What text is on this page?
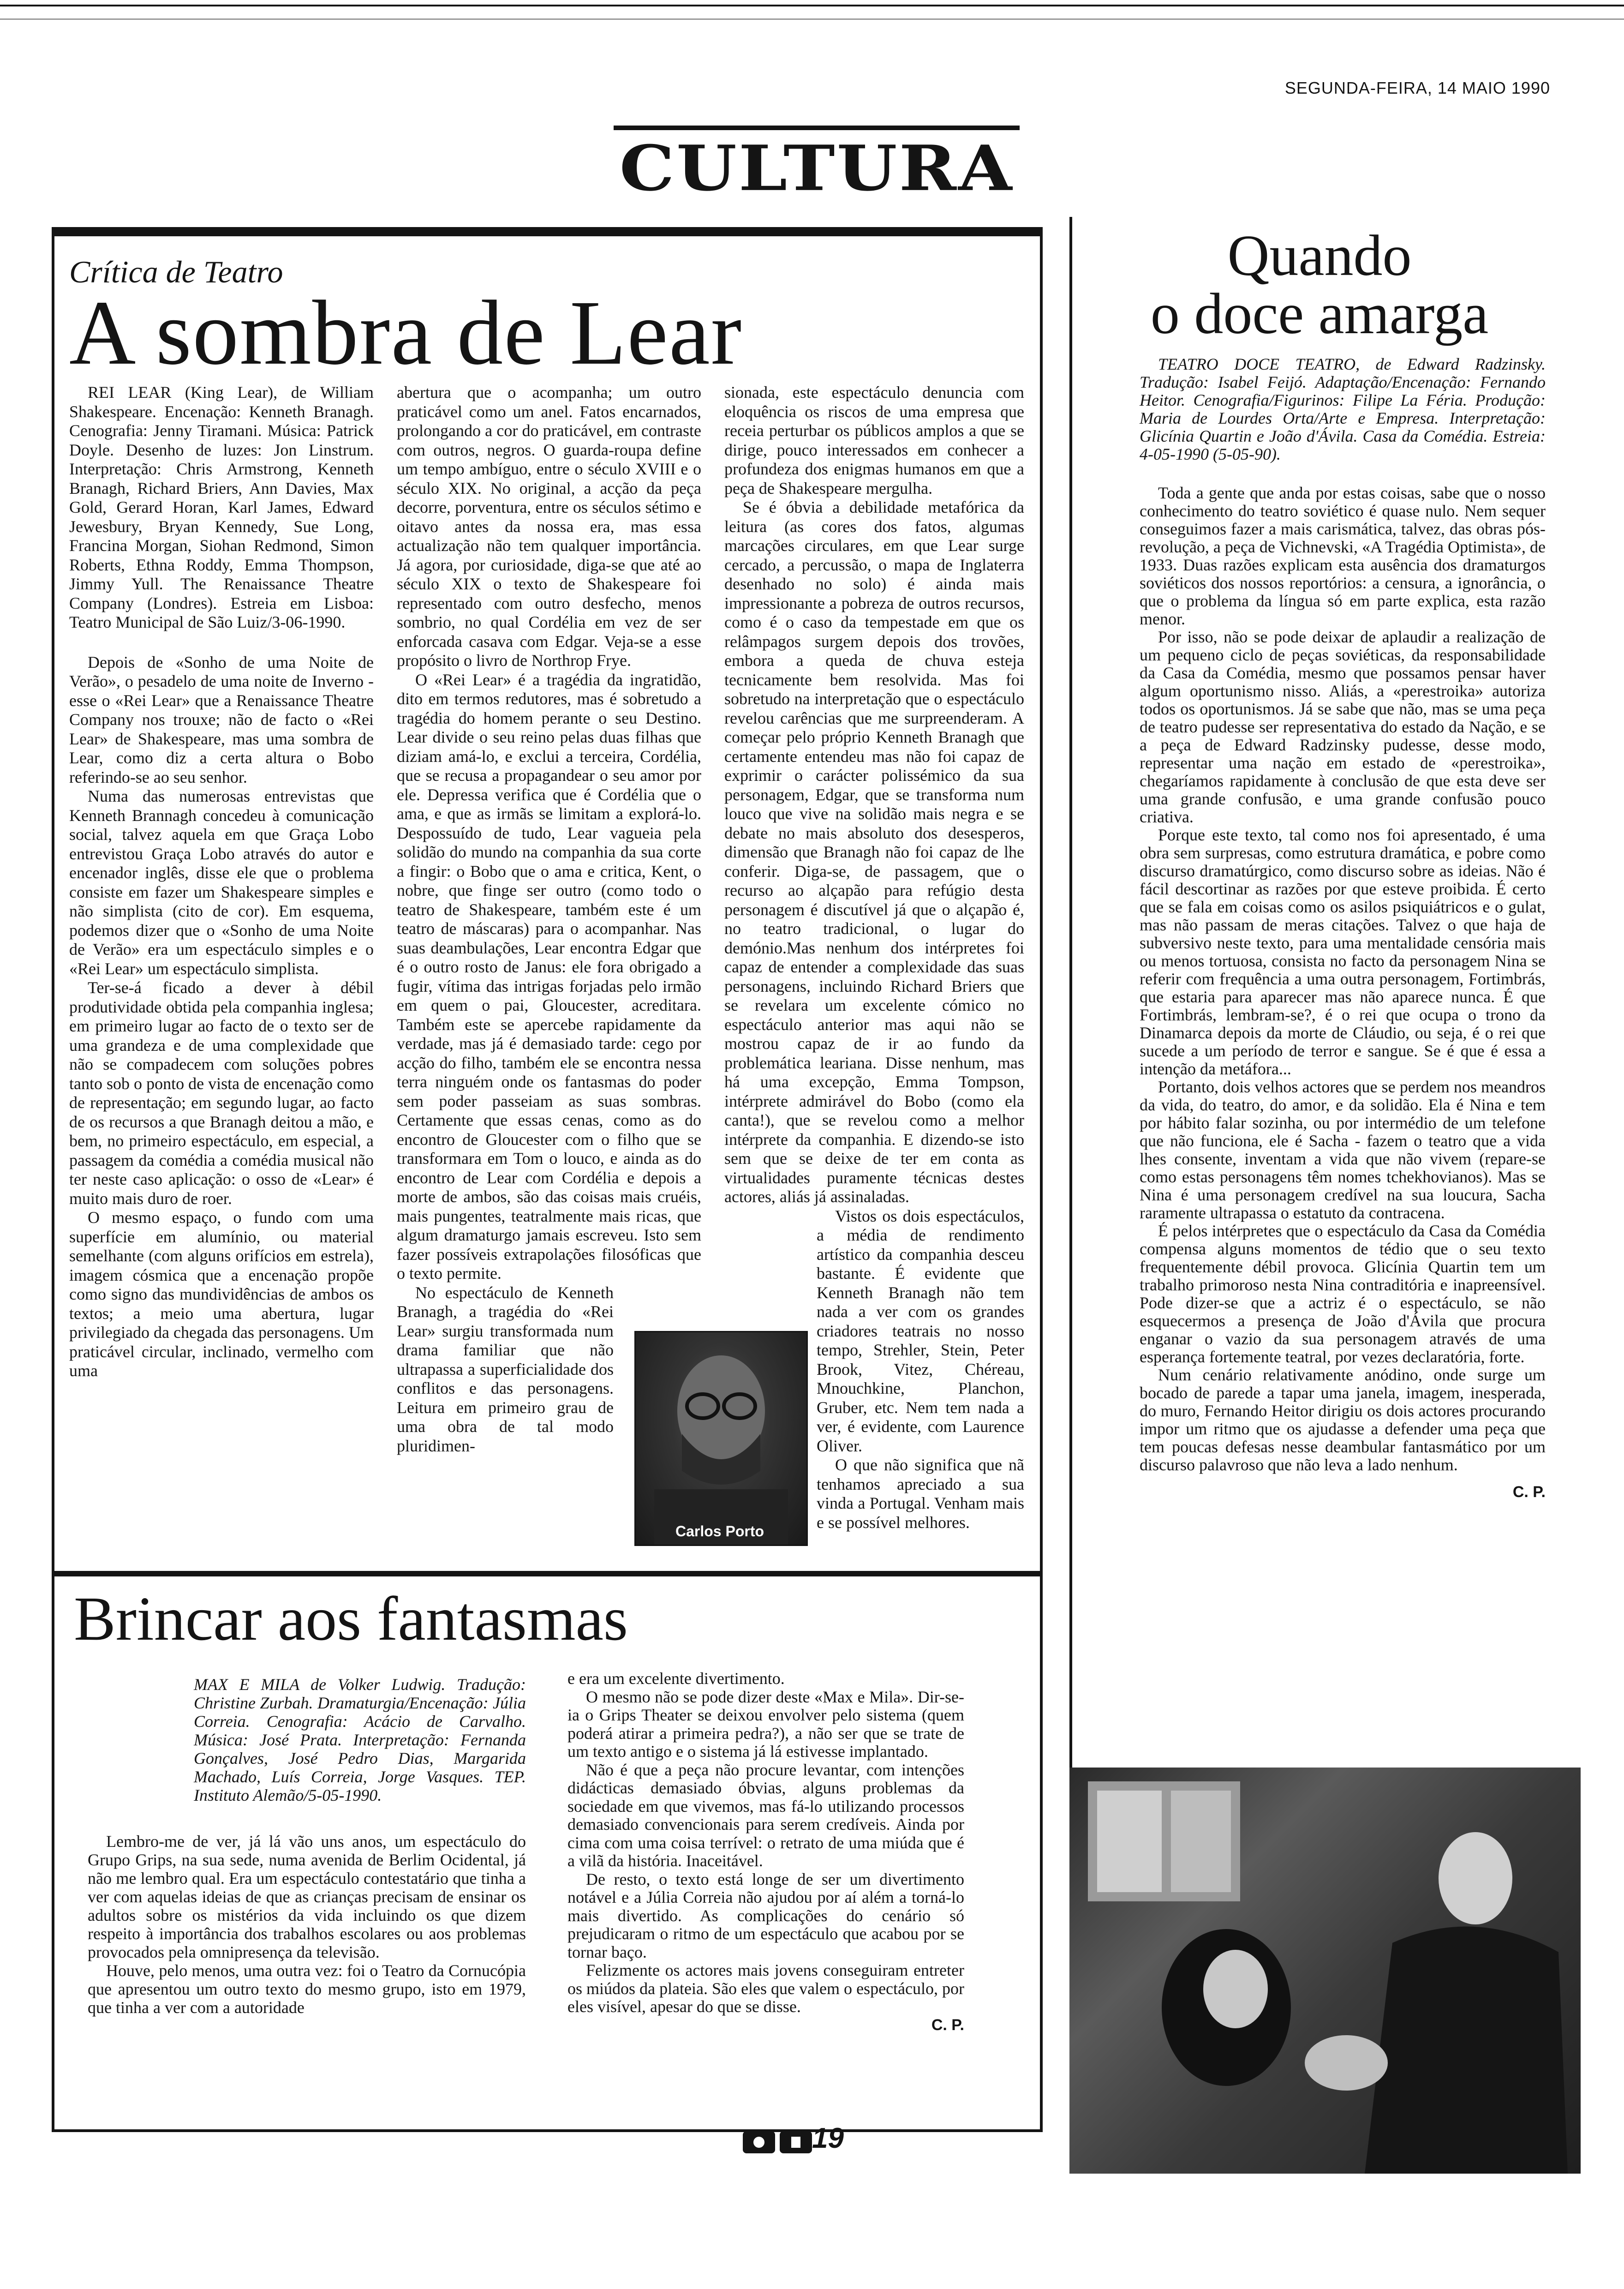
SEGUNDA-FEIRA, 14 MAIO 1990
CULTURA
Crítica de Teatro
A sombra de Lear

REI LEAR (King Lear), de William Shakespeare. Encenação: Kenneth Branagh. Cenografia: Jenny Tiramani. Música: Patrick Doyle. Desenho de luzes: Jon Linstrum. Interpretação: Chris Armstrong, Kenneth Branagh, Richard Briers, Ann Davies, Max Gold, Gerard Horan, Karl James, Edward Jewesbury, Bryan Kennedy, Sue Long, Francina Morgan, Siohan Redmond, Simon Roberts, Ethna Roddy, Emma Thompson, Jimmy Yull. The Renaissance Theatre Company (Londres). Estreia em Lisboa: Teatro Municipal de São Luiz/3-06-1990.

Depois de «Sonho de uma Noite de Verão», o pesadelo de uma noite de Inverno - esse o «Rei Lear» que a Renaissance Theatre Company nos trouxe; não de facto o «Rei Lear» de Shakespeare, mas uma sombra de Lear, como diz a certa altura o Bobo referindo-se ao seu senhor.

Numa das numerosas entrevistas que Kenneth Brannagh concedeu à comunicação social, talvez aquela em que Graça Lobo entrevistou Graça Lobo através do autor e encenador inglês, disse ele que o problema consiste em fazer um Shakespeare simples e não simplista (cito de cor). Em esquema, podemos dizer que o «Sonho de uma Noite de Verão» era um espectáculo simples e o «Rei Lear» um espectáculo simplista.

Ter-se-á ficado a dever à débil produtividade obtida pela companhia inglesa; em primeiro lugar ao facto de o texto ser de uma grandeza e de uma complexidade que não se compadecem com soluções pobres tanto sob o ponto de vista de encenação como de representação; em segundo lugar, ao facto de os recursos a que Branagh deitou a mão, e bem, no primeiro espectáculo, em especial, a passagem da comédia a comédia musical não ter neste caso aplicação: o osso de «Lear» é muito mais duro de roer.

O mesmo espaço, o fundo com uma superfície em alumínio, ou material semelhante (com alguns orifícios em estrela), imagem cósmica que a encenação propõe como signo das mundividências de ambos os textos; a meio uma abertura, lugar privilegiado da chegada das personagens. Um praticável circular, inclinado, vermelho com uma

abertura que o acompanha; um outro praticável como um anel. Fatos encarnados, prolongando a cor do praticável, em contraste com outros, negros. O guarda-roupa define um tempo ambíguo, entre o século XVIII e o século XIX. No original, a acção da peça decorre, porventura, entre os séculos sétimo e oitavo antes da nossa era, mas essa actualização não tem qualquer importância. Já agora, por curiosidade, diga-se que até ao século XIX o texto de Shakespeare foi representado com outro desfecho, menos sombrio, no qual Cordélia em vez de ser enforcada casava com Edgar. Veja-se a esse propósito o livro de Northrop Frye.

O «Rei Lear» é a tragédia da ingratidão, dito em termos redutores, mas é sobretudo a tragédia do homem perante o seu Destino. Lear divide o seu reino pelas duas filhas que diziam amá-lo, e exclui a terceira, Cordélia, que se recusa a propagandear o seu amor por ele. Depressa verifica que é Cordélia que o ama, e que as irmãs se limitam a explorá-lo. Despossuído de tudo, Lear vagueia pela solidão do mundo na companhia da sua corte a fingir: o Bobo que o ama e critica, Kent, o nobre, que finge ser outro (como todo o teatro de Shakespeare, também este é um teatro de máscaras) para o acompanhar. Nas suas deambulações, Lear encontra Edgar que é o outro rosto de Janus: ele fora obrigado a fugir, vítima das intrigas forjadas pelo irmão em quem o pai, Gloucester, acreditara. Também este se apercebe rapidamente da verdade, mas já é demasiado tarde: cego por acção do filho, também ele se encontra nessa terra ninguém onde os fantasmas do poder sem poder passeiam as suas sombras. Certamente que essas cenas, como as do encontro de Gloucester com o filho que se transformara em Tom o louco, e ainda as do encontro de Lear com Cordélia e depois a morte de ambos, são das coisas mais cruéis, mais pungentes, teatralmente mais ricas, que algum dramaturgo jamais escreveu. Isto sem fazer possíveis extrapolações filosóficas que o texto permite.

No espectáculo de Kenneth Branagh, a tragédia do «Rei Lear» surgiu transformada num drama familiar que não ultrapassa a superficialidade dos conflitos e das personagens. Leitura em primeiro grau de uma obra de tal modo pluridimen-

sionada, este espectáculo denuncia com eloquência os riscos de uma empresa que receia perturbar os públicos amplos a que se dirige, pouco interessados em conhecer a profundeza dos enigmas humanos em que a peça de Shakespeare mergulha.

Se é óbvia a debilidade metafórica da leitura (as cores dos fatos, algumas marcações circulares, em que Lear surge cercado, a percussão, o mapa de Inglaterra desenhado no solo) é ainda mais impressionante a pobreza de outros recursos, como é o caso da tempestade em que os relâmpagos surgem depois dos trovões, embora a queda de chuva esteja tecnicamente bem resolvida. Mas foi sobretudo na interpretação que o espectáculo revelou carências que me surpreenderam. A começar pelo próprio Kenneth Branagh que certamente entendeu mas não foi capaz de exprimir o carácter polissémico da sua personagem, Edgar, que se transforma num louco que vive na solidão mais negra e se debate no mais absoluto dos desesperos, dimensão que Branagh não foi capaz de lhe conferir. Diga-se, de passagem, que o recurso ao alçapão para refúgio desta personagem é discutível já que o alçapão é, no teatro tradicional, o lugar do demónio.Mas nenhum dos intérpretes foi capaz de entender a complexidade das suas personagens, incluindo Richard Briers que se revelara um excelente cómico no espectáculo anterior mas aqui não se mostrou capaz de ir ao fundo da problemática leariana. Disse nenhum, mas há uma excepção, Emma Tompson, intérprete admirável do Bobo (como ela canta!), que se revelou como a melhor intérprete da companhia. E dizendo-se isto sem que se deixe de ter em conta as virtualidades puramente técnicas destes actores, aliás já assinaladas.

Vistos os dois espectáculos, a média de rendimento artístico da companhia desceu bastante. É evidente que Kenneth Branagh não tem nada a ver com os grandes criadores teatrais no nosso tempo, Strehler, Stein, Peter Brook, Vitez, Chéreau, Mnouchkine, Planchon, Gruber, etc. Nem tem nada a ver, é evidente, com Laurence Oliver.

O que não significa que nã tenhamos apreciado a sua vinda a Portugal. Venham mais e se possível melhores.

Carlos Porto
Quando
o doce amarga

TEATRO DOCE TEATRO, de Edward Radzinsky. Tradução: Isabel Feijó. Adaptação/Encenação: Fernando Heitor. Cenografia/Figurinos: Filipe La Féria. Produção: Maria de Lourdes Orta/Arte e Empresa. Interpretação: Glicínia Quartin e João d'Ávila. Casa da Comédia. Estreia: 4-05-1990 (5-05-90).

Toda a gente que anda por estas coisas, sabe que o nosso conhecimento do teatro soviético é quase nulo. Nem sequer conseguimos fazer a mais carismática, talvez, das obras pós-revolução, a peça de Vichnevski, «A Tragédia Optimista», de 1933. Duas razões explicam esta ausência dos dramaturgos soviéticos dos nossos reportórios: a censura, a ignorância, o que o problema da língua só em parte explica, esta razão menor.

Por isso, não se pode deixar de aplaudir a realização de um pequeno ciclo de peças soviéticas, da responsabilidade da Casa da Comédia, mesmo que possamos pensar haver algum oportunismo nisso. Aliás, a «perestroika» autoriza todos os oportunismos. Já se sabe que não, mas se uma peça de teatro pudesse ser representativa do estado da Nação, e se a peça de Edward Radzinsky pudesse, desse modo, representar uma nação em estado de «perestroika», chegaríamos rapidamente à conclusão de que esta deve ser uma grande confusão, e uma grande confusão pouco criativa.

Porque este texto, tal como nos foi apresentado, é uma obra sem surpresas, como estrutura dramática, e pobre como discurso dramatúrgico, como discurso sobre as ideias. Não é fácil descortinar as razões por que esteve proibida. É certo que se fala em coisas como os asilos psiquiátricos e o gulat, mas não passam de meras citações. Talvez o que haja de subversivo neste texto, para uma mentalidade censória mais ou menos tortuosa, consista no facto da personagem Nina se referir com frequência a uma outra personagem, Fortimbrás, que estaria para aparecer mas não aparece nunca. É que Fortimbrás, lembram-se?, é o rei que ocupa o trono da Dinamarca depois da morte de Cláudio, ou seja, é o rei que sucede a um período de terror e sangue. Se é que é essa a intenção da metáfora...

Portanto, dois velhos actores que se perdem nos meandros da vida, do teatro, do amor, e da solidão. Ela é Nina e tem por hábito falar sozinha, ou por intermédio de um telefone que não funciona, ele é Sacha - fazem o teatro que a vida lhes consente, inventam a vida que não vivem (repare-se como estas personagens têm nomes tchekhovianos). Mas se Nina é uma personagem credível na sua loucura, Sacha raramente ultrapassa o estatuto da contracena.

É pelos intérpretes que o espectáculo da Casa da Comédia compensa alguns momentos de tédio que o seu texto frequentemente débil provoca. Glicínia Quartin tem um trabalho primoroso nesta Nina contraditória e inapreensível. Pode dizer-se que a actriz é o espectáculo, se não esquecermos a presença de João d'Ávila que procura enganar o vazio da sua personagem através de uma esperança fortemente teatral, por vezes declaratória, forte.

Num cenário relativamente anódino, onde surge um bocado de parede a tapar uma janela, imagem, inesperada, do muro, Fernando Heitor dirigiu os dois actores procurando impor um ritmo que os ajudasse a defender uma peça que tem poucas defesas nesse deambular fantasmático por um discurso palavroso que não leva a lado nenhum.

C. P.
Brincar aos fantasmas

MAX E MILA de Volker Ludwig. Tradução: Christine Zurbah. Dramaturgia/Encenação: Júlia Correia. Cenografia: Acácio de Carvalho. Música: José Prata. Interpretação: Fernanda Gonçalves, José Pedro Dias, Margarida Machado, Luís Correia, Jorge Vasques. TEP. Instituto Alemão/5-05-1990.

Lembro-me de ver, já lá vão uns anos, um espectáculo do Grupo Grips, na sua sede, numa avenida de Berlim Ocidental, já não me lembro qual. Era um espectáculo contestatário que tinha a ver com aquelas ideias de que as crianças precisam de ensinar os adultos sobre os mistérios da vida incluindo os que dizem respeito à importância dos trabalhos escolares ou aos problemas provocados pela omnipresença da televisão.

Houve, pelo menos, uma outra vez: foi o Teatro da Cornucópia que apresentou um outro texto do mesmo grupo, isto em 1979, que tinha a ver com a autoridade

e era um excelente divertimento.

O mesmo não se pode dizer deste «Max e Mila». Dir-se-ia o Grips Theater se deixou envolver pelo sistema (quem poderá atirar a primeira pedra?), a não ser que se trate de um texto antigo e o sistema já lá estivesse implantado.

Não é que a peça não procure levantar, com intenções didácticas demasiado óbvias, alguns problemas da sociedade em que vivemos, mas fá-lo utilizando processos demasiado convencionais para serem credíveis. Ainda por cima com uma coisa terrível: o retrato de uma miúda que é a vilã da história. Inaceitável.

De resto, o texto está longe de ser um divertimento notável e a Júlia Correia não ajudou por aí além a torná-lo mais divertido. As complicações do cenário só prejudicaram o ritmo de um espectáculo que acabou por se tornar baço.

Felizmente os actores mais jovens conseguiram entreter os miúdos da plateia. São eles que valem o espectáculo, por eles visível, apesar do que se disse.

C. P.
19
